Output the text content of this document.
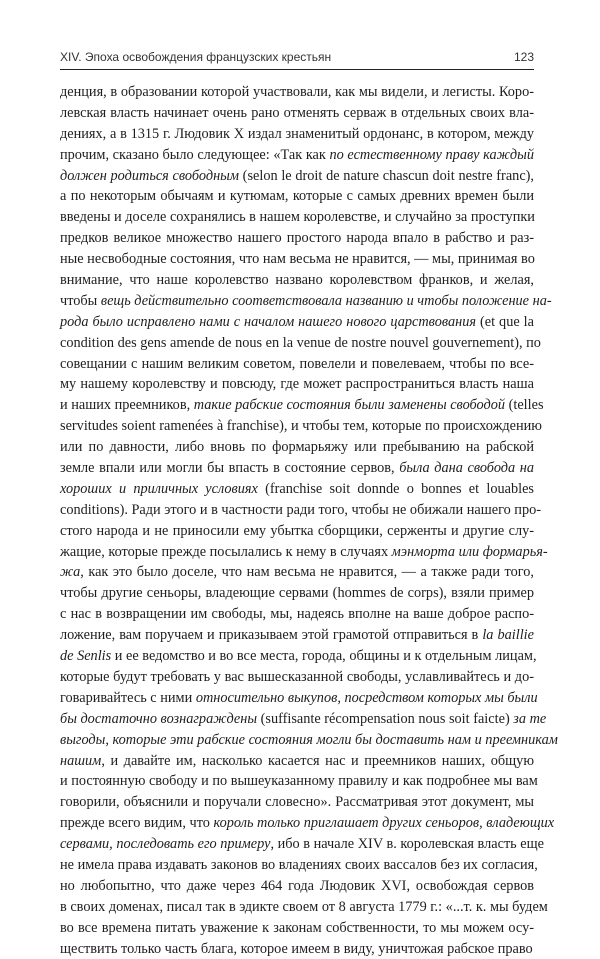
XIV. Эпоха освобождения французских крестьян	123
денция, в образовании которой участвовали, как мы видели, и легисты. Коро-
левская власть начинает очень рано отменять серваж в отдельных своих вла-
дениях, а в 1315 г. Людовик X издал знаменитый ордонанс, в котором, между
прочим, сказано было следующее: «Так как по естественному праву каждый
должен родиться свободным (selon le droit de nature chascun doit nestre franc),
а по некоторым обычаям и кутюмам, которые с самых древних времен были
введены и доселе сохранялись в нашем королевстве, и случайно за проступки
предков великое множество нашего простого народа впало в рабство и раз-
ные несвободные состояния, что нам весьма не нравится, — мы, принимая во
внимание, что наше королевство названо королевством франков, и желая,
чтобы вещь действительно соответствовала названию и чтобы положение на-
рода было исправлено нами с началом нашего нового царствования (et que la
condition des gens amende de nous en la venue de nostre nouvel gouvernement), по
совещании с нашим великим советом, повелели и повелеваем, чтобы по все-
му нашему королевству и повсюду, где может распространиться власть наша
и наших преемников, такие рабские состояния были заменены свободой (telles
servitudes soient ramenées à franchise), и чтобы тем, которые по происхождению
или по давности, либо вновь по формарьяжу или пребыванию на рабской
земле впали или могли бы впасть в состояние сервов, была дана свобода на
хороших и приличных условиях (franchise soit donnde o bonnes et louables
conditions). Ради этого и в частности ради того, чтобы не обижали нашего про-
стого народа и не приносили ему убытка сборщики, серженты и другие слу-
жащие, которые прежде посылались к нему в случаях мэнморта или формарья-
жа, как это было доселе, что нам весьма не нравится, — а также ради того,
чтобы другие сеньоры, владеющие сервами (hommes de corps), взяли пример
с нас в возвращении им свободы, мы, надеясь вполне на ваше доброе распо-
ложение, вам поручаем и приказываем этой грамотой отправиться в la baillie
de Senlis и ее ведомство и во все места, города, общины и к отдельным лицам,
которые будут требовать у вас вышесказанной свободы, уславливайтесь и до-
говаривайтесь с ними относительно выкупов, посредством которых мы были
бы достаточно вознаграждены (suffisante récompensation nous soit faicte) за те
выгоды, которые эти рабские состояния могли бы доставить нам и преемникам
нашим, и давайте им, насколько касается нас и преемников наших, общую
и постоянную свободу и по вышеуказанному правилу и как подробнее мы вам
говорили, объяснили и поручали словесно». Рассматривая этот документ, мы
прежде всего видим, что король только приглашает других сеньоров, владеющих
сервами, последовать его примеру, ибо в начале XIV в. королевская власть еще
не имела права издавать законов во владениях своих вассалов без их согласия,
но любопытно, что даже через 464 года Людовик XVI, освобождая сервов
в своих доменах, писал так в эдикте своем от 8 августа 1779 г.: «...т. к. мы будем
во все времена питать уважение к законам собственности, то мы можем осу-
ществить только часть блага, которое имеем в виду, уничтожая рабское право
